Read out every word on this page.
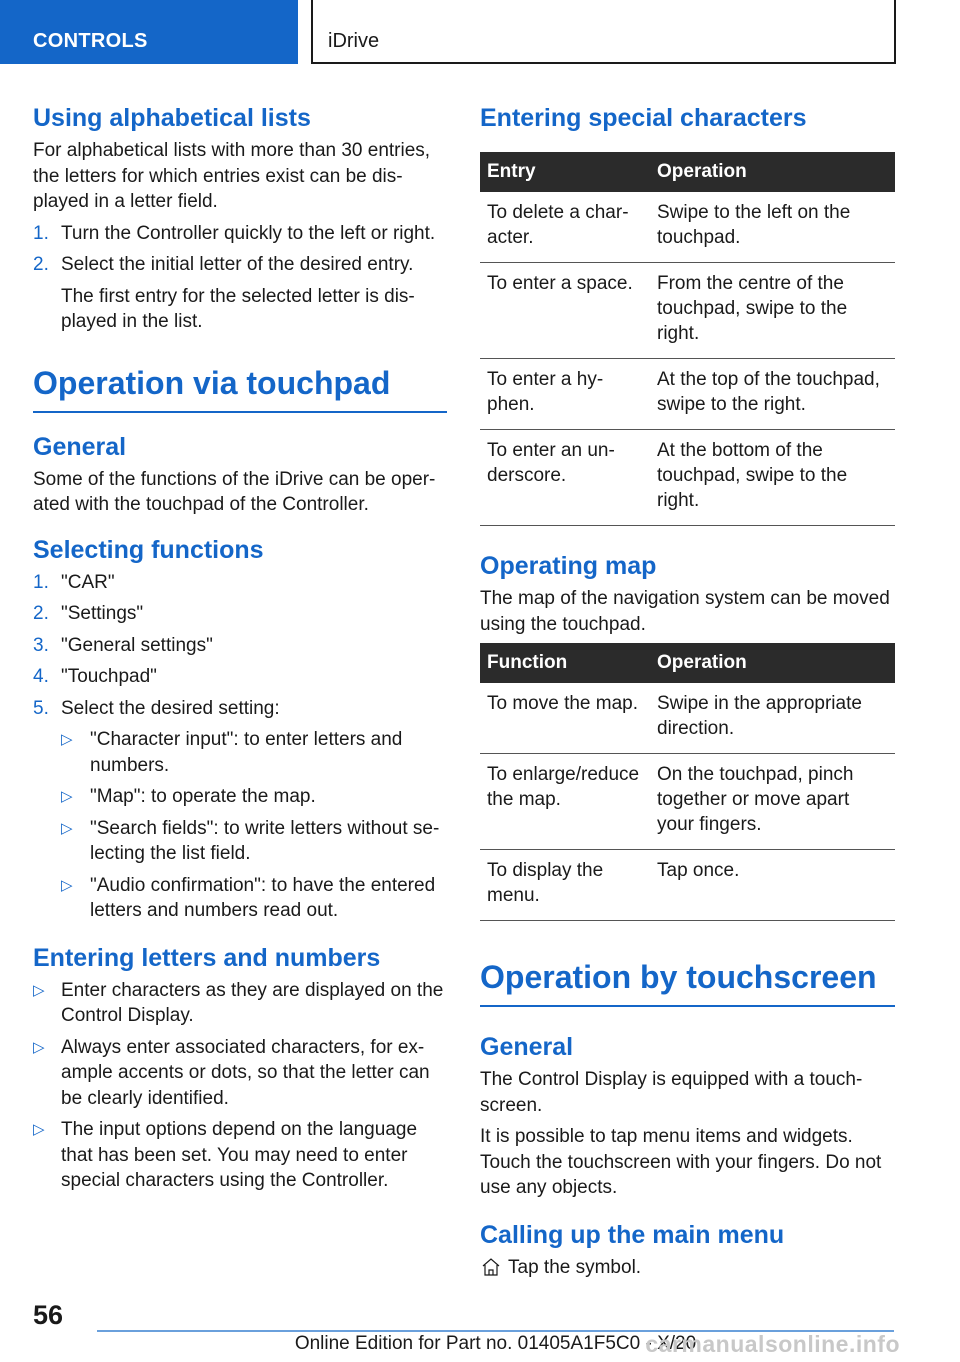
CONTROLS	iDrive
Using alphabetical lists
For alphabetical lists with more than 30 entries, the letters for which entries exist can be dis-played in a letter field.
1. Turn the Controller quickly to the left or right.
2. Select the initial letter of the desired entry.
The first entry for the selected letter is dis-played in the list.
Operation via touchpad
General
Some of the functions of the iDrive can be oper-ated with the touchpad of the Controller.
Selecting functions
1. "CAR"
2. "Settings"
3. "General settings"
4. "Touchpad"
5. Select the desired setting:
▷ "Character input": to enter letters and numbers.
▷ "Map": to operate the map.
▷ "Search fields": to write letters without se-lecting the list field.
▷ "Audio confirmation": to have the entered letters and numbers read out.
Entering letters and numbers
▷ Enter characters as they are displayed on the Control Display.
▷ Always enter associated characters, for ex-ample accents or dots, so that the letter can be clearly identified.
▷ The input options depend on the language that has been set. You may need to enter special characters using the Controller.
Entering special characters
Entry	Operation
To delete a char-acter.	Swipe to the left on the touchpad.
To enter a space.	From the centre of the touchpad, swipe to the right.
To enter a hy-phen.	At the top of the touchpad, swipe to the right.
To enter an un-derscore.	At the bottom of the touchpad, swipe to the right.
Operating map
The map of the navigation system can be moved using the touchpad.
Function	Operation
To move the map.	Swipe in the appropriate direction.
To enlarge/reduce the map.	On the touchpad, pinch together or move apart your fingers.
To display the menu.	Tap once.
Operation by touchscreen
General
The Control Display is equipped with a touch-screen.
It is possible to tap menu items and widgets. Touch the touchscreen with your fingers. Do not use any objects.
Calling up the main menu
Tap the symbol.
56
Online Edition for Part no. 01405A1F5C0 - X/20
carmanualsonline.info
